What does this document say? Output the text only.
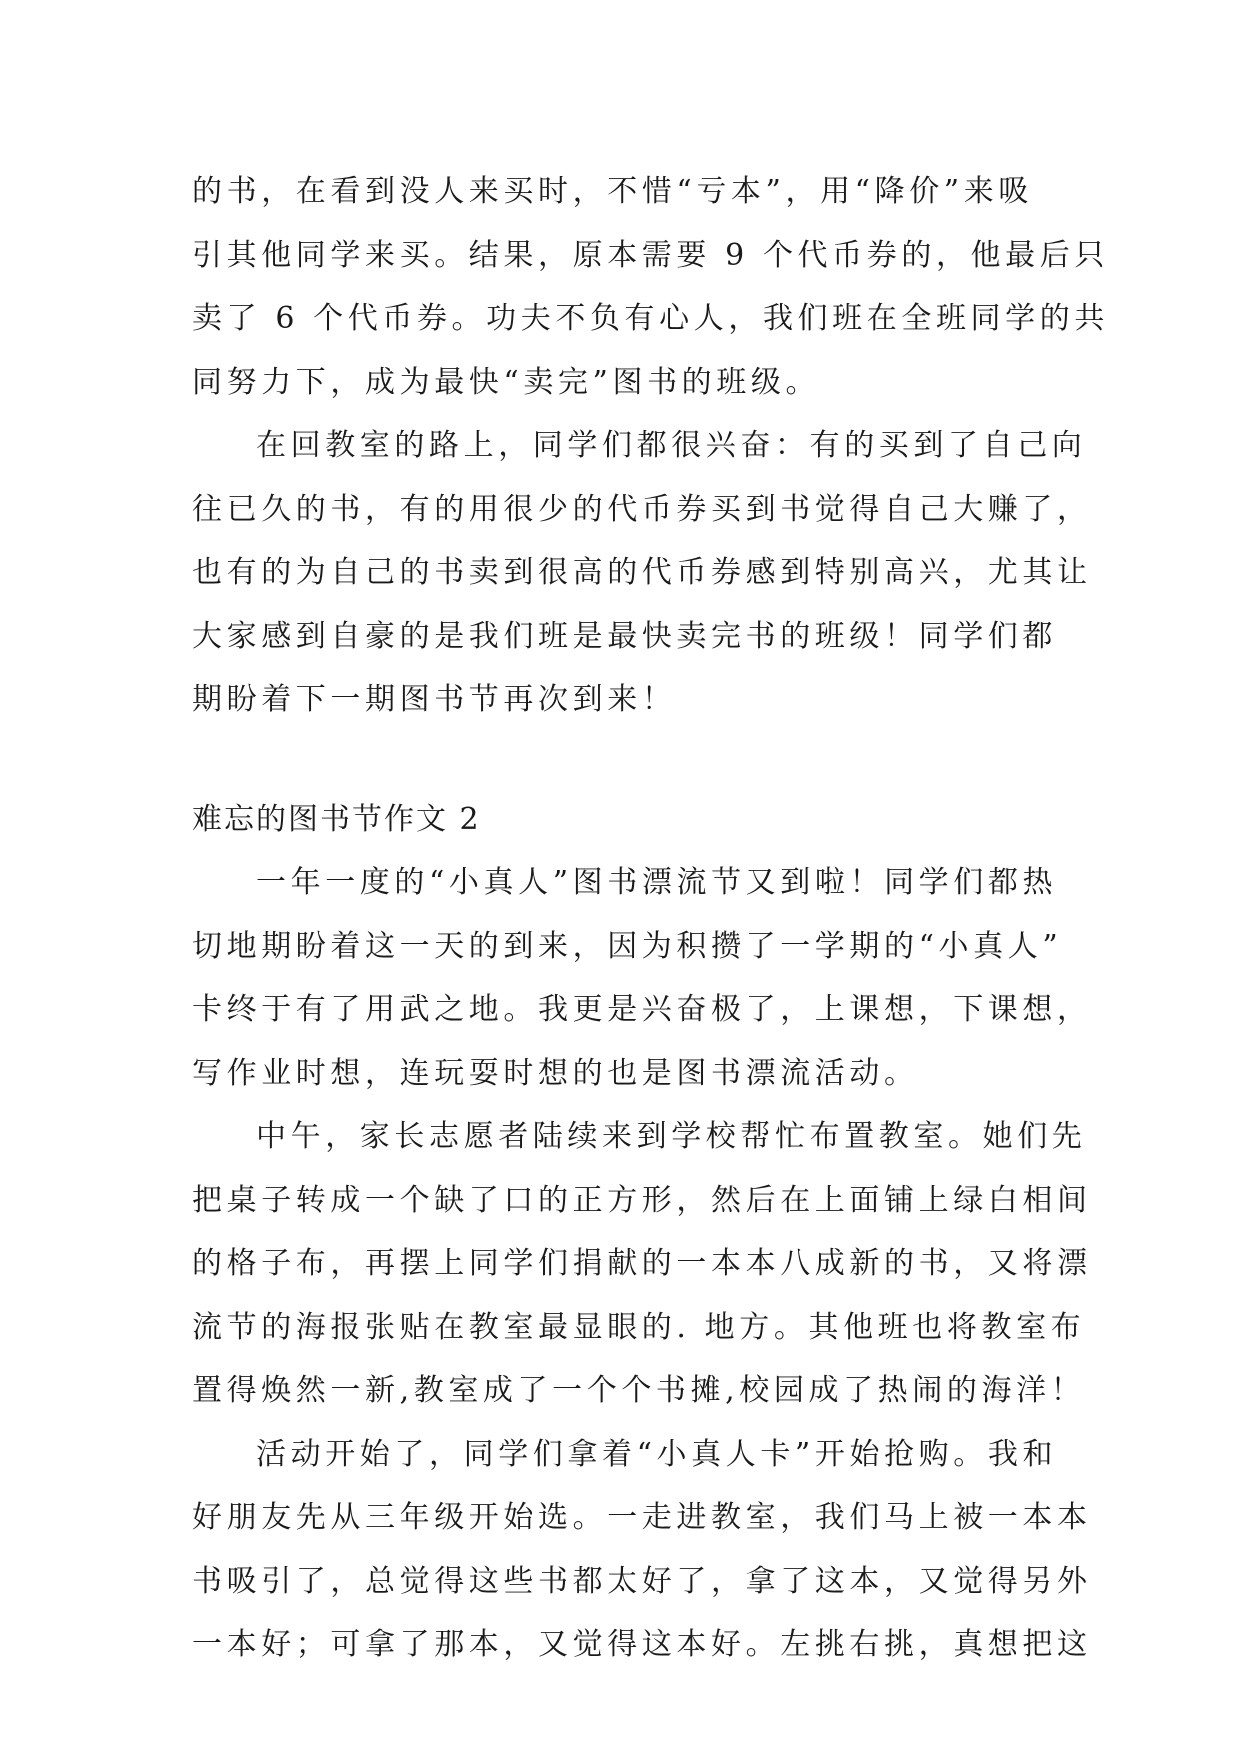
的书，在看到没人来买时，不惜“亏本”，用“降价”来吸
引其他同学来买。结果，原本需要 9 个代币券的，他最后只
卖了 6 个代币券。功夫不负有心人，我们班在全班同学的共
同努力下，成为最快“卖完”图书的班级。
在回教室的路上，同学们都很兴奋：有的买到了自己向
往已久的书，有的用很少的代币券买到书觉得自己大赚了，
也有的为自己的书卖到很高的代币券感到特别高兴，尤其让
大家感到自豪的是我们班是最快卖完书的班级！同学们都
期盼着下一期图书节再次到来！
难忘的图书节作文 2
一年一度的“小真人”图书漂流节又到啦！同学们都热
切地期盼着这一天的到来，因为积攒了一学期的“小真人”
卡终于有了用武之地。我更是兴奋极了，上课想，下课想，
写作业时想，连玩耍时想的也是图书漂流活动。
中午，家长志愿者陆续来到学校帮忙布置教室。她们先
把桌子转成一个缺了口的正方形，然后在上面铺上绿白相间
的格子布，再摆上同学们捐献的一本本八成新的书，又将漂
流节的海报张贴在教室最显眼的. 地方。其他班也将教室布
置得焕然一新,教室成了一个个书摊,校园成了热闹的海洋！
活动开始了，同学们拿着“小真人卡”开始抢购。我和
好朋友先从三年级开始选。一走进教室，我们马上被一本本
书吸引了，总觉得这些书都太好了，拿了这本，又觉得另外
一本好；可拿了那本，又觉得这本好。左挑右挑，真想把这
